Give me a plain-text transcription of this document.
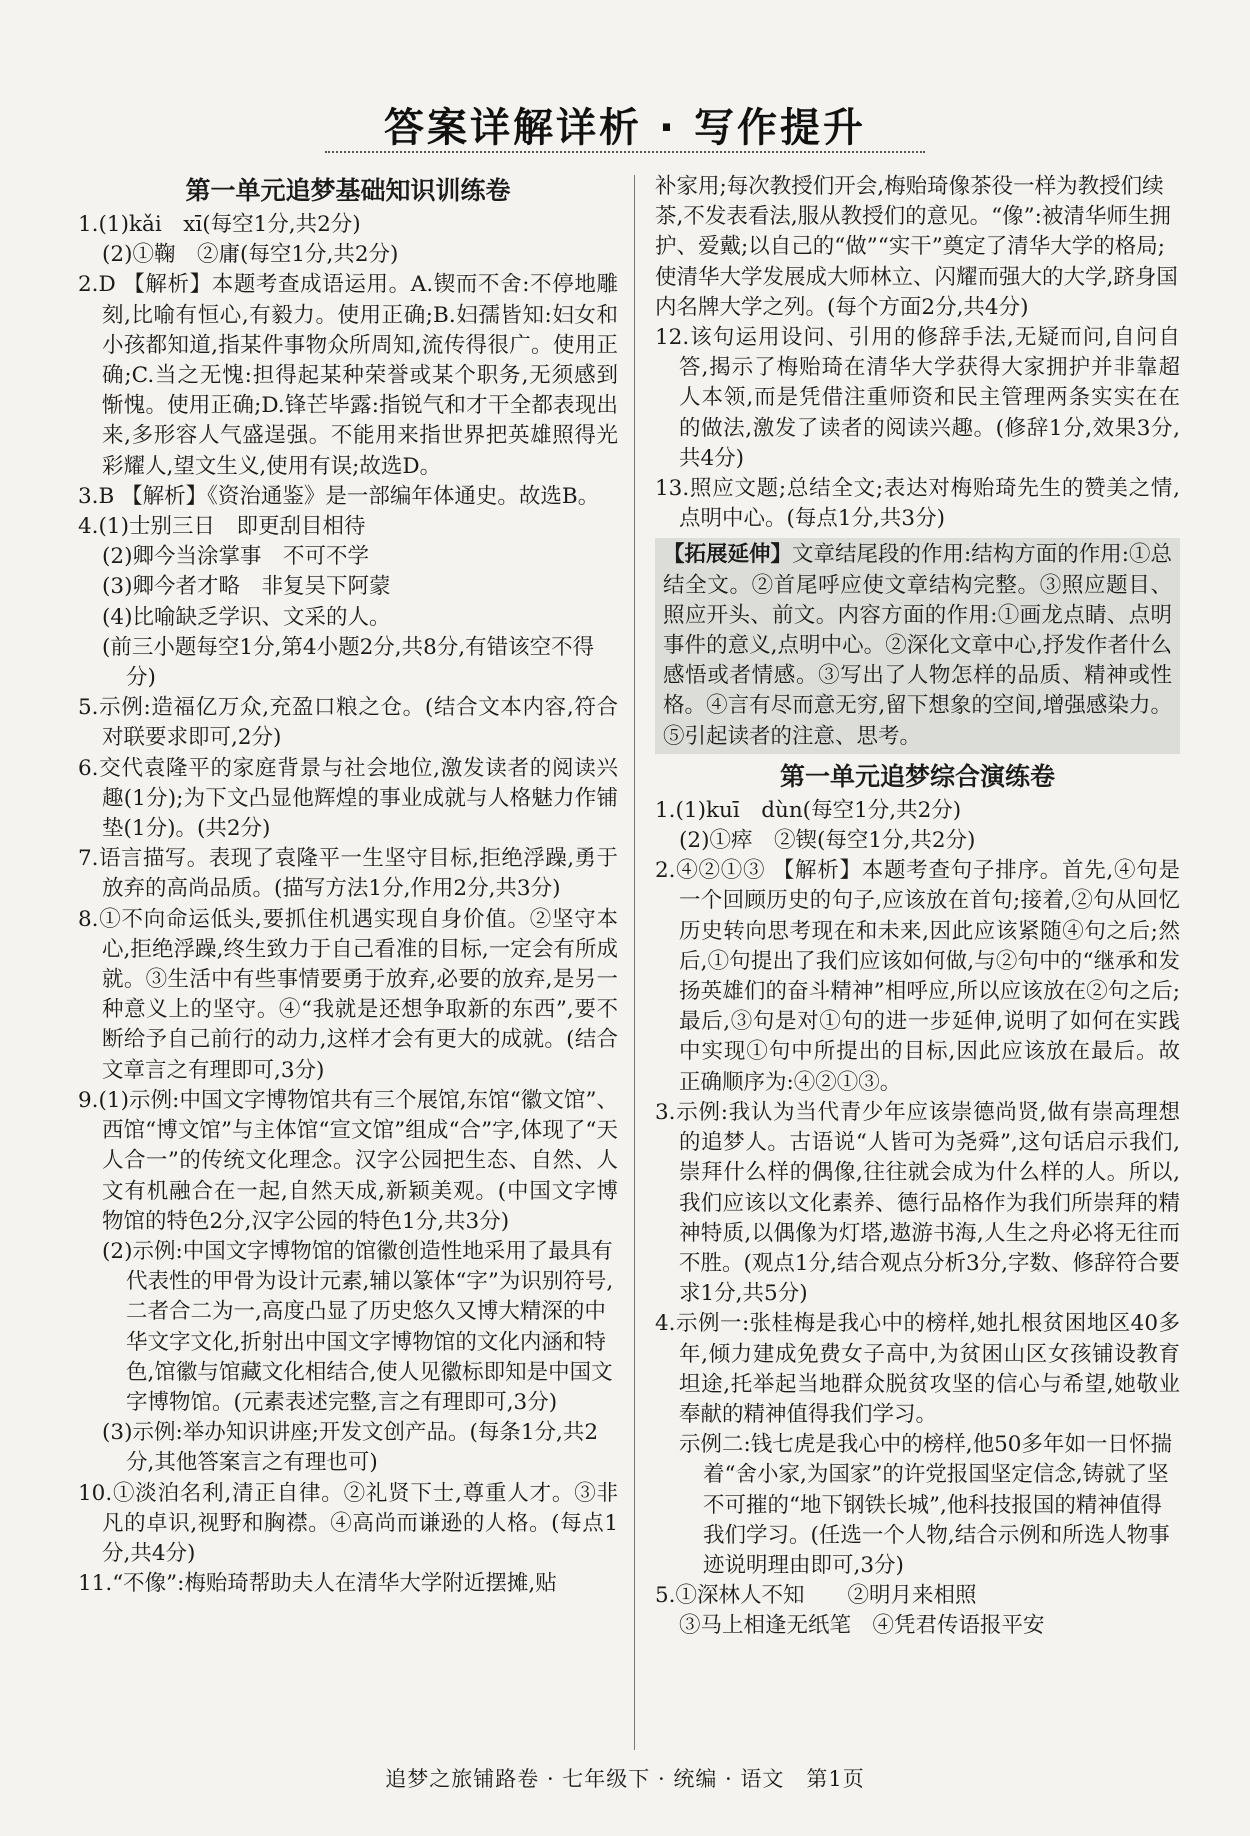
答案详解详析 · 写作提升
第一单元追梦基础知识训练卷
1.(1)kǎi　xī(每空1分,共2分)
(2)①鞠　②庸(每空1分,共2分)
2.D 【解析】本题考查成语运用。A.锲而不舍:不停地雕刻,比喻有恒心,有毅力。使用正确;B.妇孺皆知:妇女和小孩都知道,指某件事物众所周知,流传得很广。使用正确;C.当之无愧:担得起某种荣誉或某个职务,无须感到惭愧。使用正确;D.锋芒毕露:指锐气和才干全都表现出来,多形容人气盛逞强。不能用来指世界把英雄照得光彩耀人,望文生义,使用有误;故选D。
3.B 【解析】《资治通鉴》是一部编年体通史。故选B。
4.(1)士别三日　即更刮目相待
(2)卿今当涂掌事　不可不学
(3)卿今者才略　非复吴下阿蒙
(4)比喻缺乏学识、文采的人。
(前三小题每空1分,第4小题2分,共8分,有错该空不得分)
5.示例:造福亿万众,充盈口粮之仓。(结合文本内容,符合对联要求即可,2分)
6.交代袁隆平的家庭背景与社会地位,激发读者的阅读兴趣(1分);为下文凸显他辉煌的事业成就与人格魅力作铺垫(1分)。(共2分)
7.语言描写。表现了袁隆平一生坚守目标,拒绝浮躁,勇于放弃的高尚品质。(描写方法1分,作用2分,共3分)
8.①不向命运低头,要抓住机遇实现自身价值。②坚守本心,拒绝浮躁,终生致力于自己看准的目标,一定会有所成就。③生活中有些事情要勇于放弃,必要的放弃,是另一种意义上的坚守。④“我就是还想争取新的东西”,要不断给予自己前行的动力,这样才会有更大的成就。(结合文章言之有理即可,3分)
9.(1)示例:中国文字博物馆共有三个展馆,东馆“徽文馆”、西馆“博文馆”与主体馆“宣文馆”组成“合”字,体现了“天人合一”的传统文化理念。汉字公园把生态、自然、人文有机融合在一起,自然天成,新颖美观。(中国文字博物馆的特色2分,汉字公园的特色1分,共3分)
(2)示例:中国文字博物馆的馆徽创造性地采用了最具有代表性的甲骨为设计元素,辅以篆体“字”为识别符号,二者合二为一,高度凸显了历史悠久又博大精深的中华文字文化,折射出中国文字博物馆的文化内涵和特色,馆徽与馆藏文化相结合,使人见徽标即知是中国文字博物馆。(元素表述完整,言之有理即可,3分)
(3)示例:举办知识讲座;开发文创产品。(每条1分,共2分,其他答案言之有理也可)
10.①淡泊名利,清正自律。②礼贤下士,尊重人才。③非凡的卓识,视野和胸襟。④高尚而谦逊的人格。(每点1分,共4分)
11.“不像”:梅贻琦帮助夫人在清华大学附近摆摊,贴
补家用;每次教授们开会,梅贻琦像茶役一样为教授们续茶,不发表看法,服从教授们的意见。“像”:被清华师生拥护、爱戴;以自己的“做”“实干”奠定了清华大学的格局;使清华大学发展成大师林立、闪耀而强大的大学,跻身国内名牌大学之列。(每个方面2分,共4分)
12.该句运用设问、引用的修辞手法,无疑而问,自问自答,揭示了梅贻琦在清华大学获得大家拥护并非靠超人本领,而是凭借注重师资和民主管理两条实实在在的做法,激发了读者的阅读兴趣。(修辞1分,效果3分,共4分)
13.照应文题;总结全文;表达对梅贻琦先生的赞美之情,点明中心。(每点1分,共3分)
【拓展延伸】文章结尾段的作用:结构方面的作用:①总结全文。②首尾呼应使文章结构完整。③照应题目、照应开头、前文。内容方面的作用:①画龙点睛、点明事件的意义,点明中心。②深化文章中心,抒发作者什么感悟或者情感。③写出了人物怎样的品质、精神或性格。④言有尽而意无穷,留下想象的空间,增强感染力。⑤引起读者的注意、思考。
第一单元追梦综合演练卷
1.(1)kuī　dùn(每空1分,共2分)
(2)①瘁　②锲(每空1分,共2分)
2.④②①③ 【解析】本题考查句子排序。首先,④句是一个回顾历史的句子,应该放在首句;接着,②句从回忆历史转向思考现在和未来,因此应该紧随④句之后;然后,①句提出了我们应该如何做,与②句中的“继承和发扬英雄们的奋斗精神”相呼应,所以应该放在②句之后;最后,③句是对①句的进一步延伸,说明了如何在实践中实现①句中所提出的目标,因此应该放在最后。故正确顺序为:④②①③。
3.示例:我认为当代青少年应该崇德尚贤,做有崇高理想的追梦人。古语说“人皆可为尧舜”,这句话启示我们,崇拜什么样的偶像,往往就会成为什么样的人。所以,我们应该以文化素养、德行品格作为我们所崇拜的精神特质,以偶像为灯塔,遨游书海,人生之舟必将无往而不胜。(观点1分,结合观点分析3分,字数、修辞符合要求1分,共5分)
4.示例一:张桂梅是我心中的榜样,她扎根贫困地区40多年,倾力建成免费女子高中,为贫困山区女孩铺设教育坦途,托举起当地群众脱贫攻坚的信心与希望,她敬业奉献的精神值得我们学习。
示例二:钱七虎是我心中的榜样,他50多年如一日怀揣着“舍小家,为国家”的许党报国坚定信念,铸就了坚不可摧的“地下钢铁长城”,他科技报国的精神值得我们学习。(任选一个人物,结合示例和所选人物事迹说明理由即可,3分)
5.①深林人不知　　②明月来相照
③马上相逢无纸笔　④凭君传语报平安
追梦之旅铺路卷 · 七年级下 · 统编 · 语文　第1页
